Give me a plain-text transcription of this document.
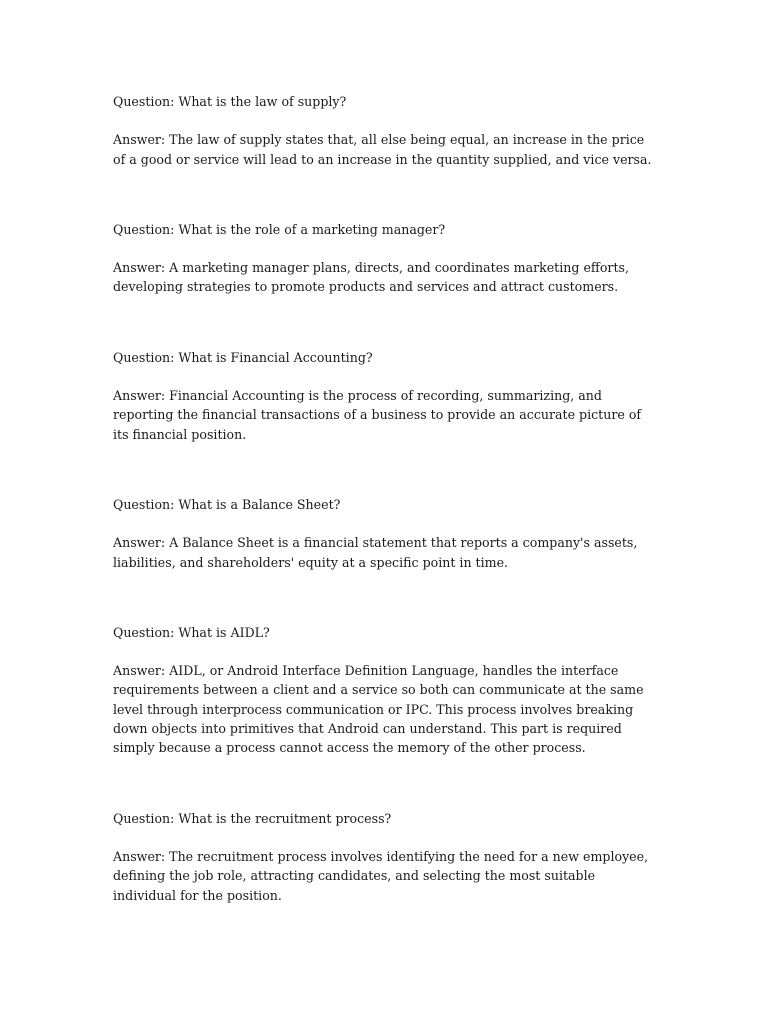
Question: What is the law of supply?

Answer: The law of supply states that, all else being equal, an increase in the price of a good or service will lead to an increase in the quantity supplied, and vice versa.

Question: What is the role of a marketing manager?

Answer: A marketing manager plans, directs, and coordinates marketing efforts, developing strategies to promote products and services and attract customers.

Question: What is Financial Accounting?

Answer: Financial Accounting is the process of recording, summarizing, and reporting the financial transactions of a business to provide an accurate picture of its financial position.

Question: What is a Balance Sheet?

Answer: A Balance Sheet is a financial statement that reports a company's assets, liabilities, and shareholders' equity at a specific point in time.

Question: What is AIDL?

Answer: AIDL, or Android Interface Definition Language, handles the interface requirements between a client and a service so both can communicate at the same level through interprocess communication or IPC. This process involves breaking down objects into primitives that Android can understand. This part is required simply because a process cannot access the memory of the other process.

Question: What is the recruitment process?

Answer: The recruitment process involves identifying the need for a new employee, defining the job role, attracting candidates, and selecting the most suitable individual for the position.
